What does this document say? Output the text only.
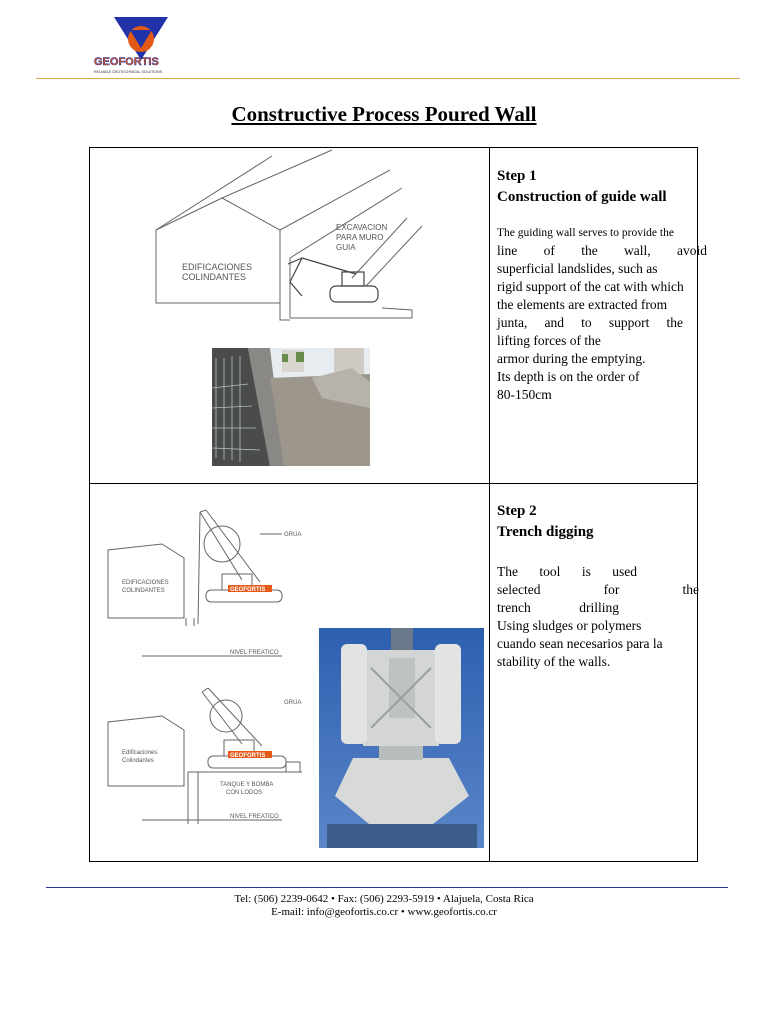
GEOFORTIS
RELIABLE GEOTECHNICAL SOLUTIONS
Constructive Process Poured Wall
EDIFICACIONES
COLINDANTES
EXCAVACION
PARA MURO
GUIA
Step 1
Construction of guide wall
The guiding wall serves to provide the
line of the wall, avoid
superficial landslides, such as
rigid support of the cat with which
the elements are extracted from
junta, and to support the
lifting forces of the
armor during the emptying.
Its depth is on the order of
80-150cm
GEOFORTIS
GEOFORTIS
GRUA
GRUA
EDIFICACIONES
COLINDANTES
Edificaciones
Colindantes
NIVEL FREATICO
NIVEL FREATICO
TANQUE Y BOMBA
CON LODOS
Step 2
Trench digging
The tool is used
selected for the
trench drilling
Using sludges or polymers
cuando sean necesarios para la
stability of the walls.
Tel: (506) 2239-0642 • Fax: (506) 2293-5919 • Alajuela, Costa Rica
E-mail: info@geofortis.co.cr • www.geofortis.co.cr
